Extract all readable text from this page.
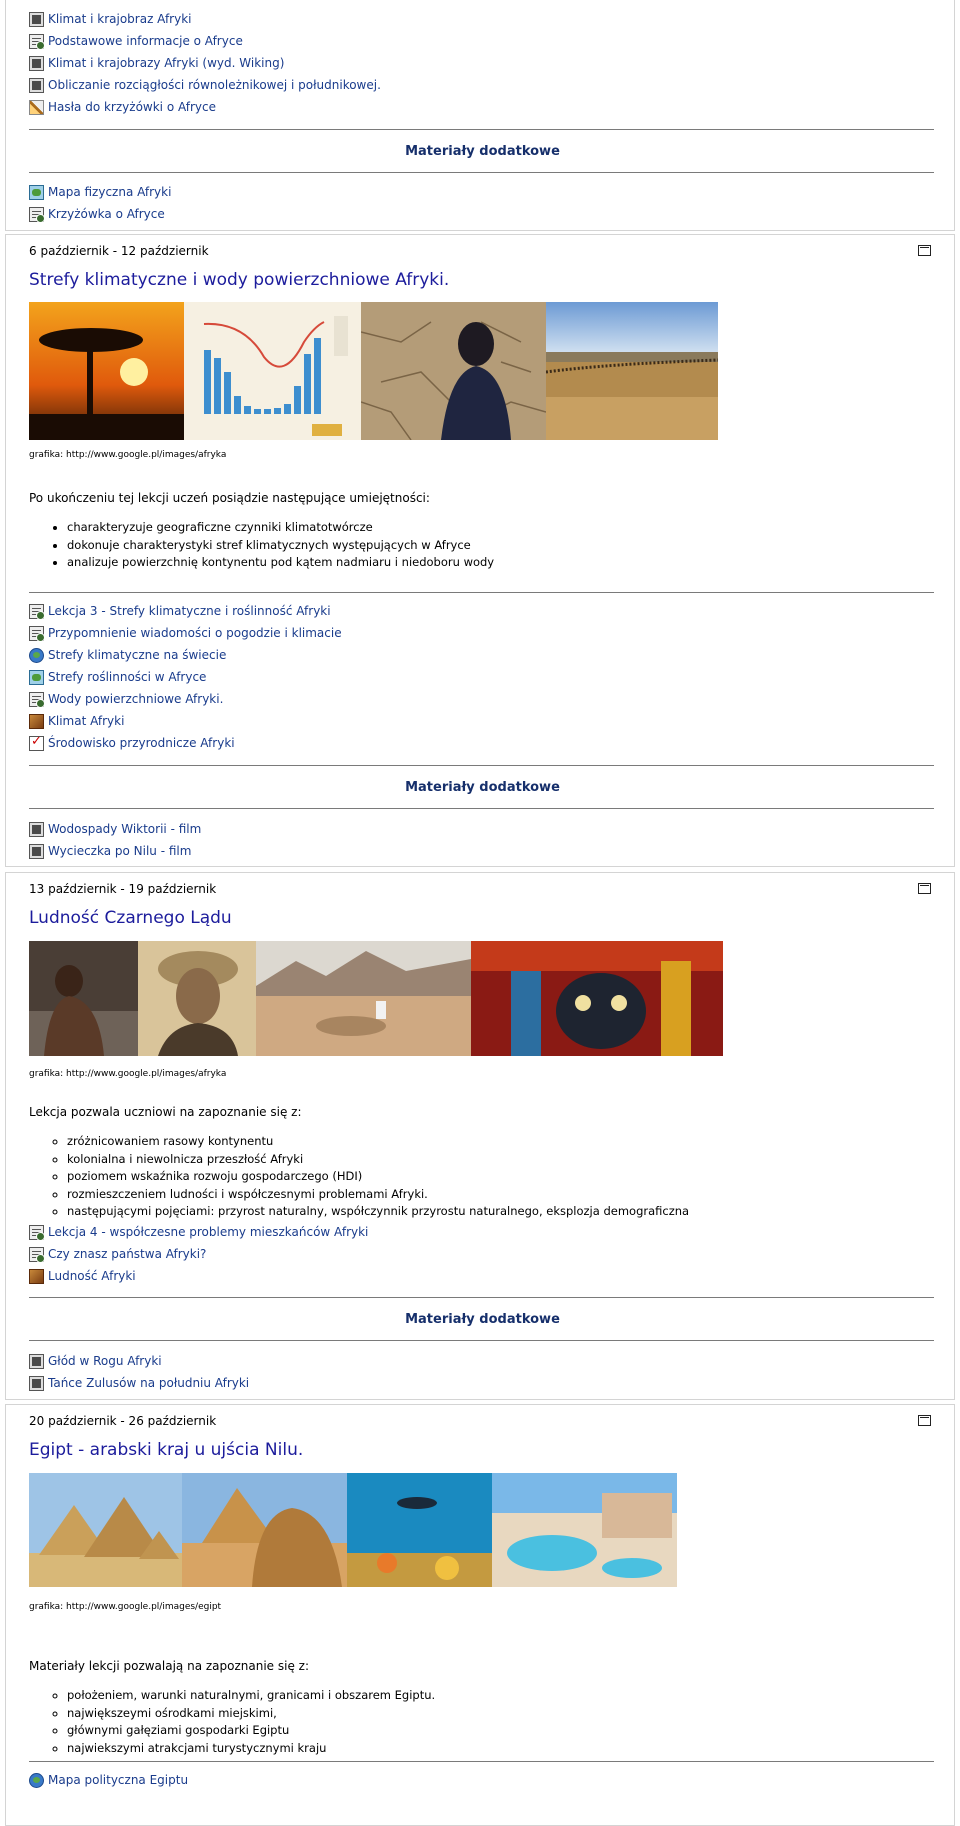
Klimat i krajobraz Afryki
Podstawowe informacje o Afryce
Klimat i krajobrazy Afryki (wyd. Wiking)
Obliczanie rozciągłości równoleżnikowej i południkowej.
Hasła do krzyżówki o Afryce
Materiały dodatkowe
Mapa fizyczna Afryki
Krzyżówka o Afryce
6 październik - 12 październik
Strefy klimatyczne i wody powierzchniowe Afryki.
grafika: http://www.google.pl/images/afryka
Po ukończeniu tej lekcji uczeń posiądzie następujące umiejętności:
• charakteryzuje geograficzne czynniki klimatotwórcze
• dokonuje charakterystyki stref klimatycznych występujących w Afryce
• analizuje powierzchnię kontynentu pod kątem nadmiaru i niedoboru wody
Lekcja 3 - Strefy klimatyczne i roślinność Afryki
Przypomnienie wiadomości o pogodzie i klimacie
Strefy klimatyczne na świecie
Strefy roślinności w Afryce
Wody powierzchniowe Afryki.
Klimat Afryki
✓
Środowisko przyrodnicze Afryki
Materiały dodatkowe
Wodospady Wiktorii - film
Wycieczka po Nilu - film
13 październik - 19 październik
Ludność Czarnego Lądu
grafika: http://www.google.pl/images/afryka
Lekcja pozwala uczniowi na zapoznanie się z:
◦ zróżnicowaniem rasowy kontynentu
◦ kolonialna i niewolnicza przeszłość Afryki
◦ poziomem wskaźnika rozwoju gospodarczego (HDI)
◦ rozmieszczeniem ludności i współczesnymi problemami Afryki.
◦ następującymi pojęciami: przyrost naturalny, współczynnik przyrostu naturalnego, eksplozja demograficzna
Lekcja 4 - współczesne problemy mieszkańców Afryki
Czy znasz państwa Afryki?
Ludność Afryki
Materiały dodatkowe
Głód w Rogu Afryki
Tańce Zulusów na południu Afryki
20 październik - 26 październik
Egipt - arabski kraj u ujścia Nilu.
grafika: http://www.google.pl/images/egipt
Materiały lekcji pozwalają na zapoznanie się z:
◦ położeniem, warunki naturalnymi, granicami i obszarem Egiptu.
◦ największeymi ośrodkami miejskimi,
◦ głównymi gałęziami gospodarki Egiptu
◦ najwiekszymi atrakcjami turystycznymi kraju
Mapa polityczna Egiptu
